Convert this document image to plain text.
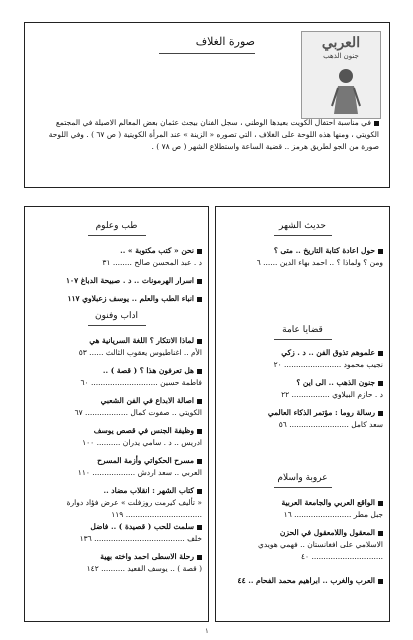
صورة الغلاف	العربي
جنون الذهب
في مناسبة احتفال الكويت بعيدها الوطني ، سجل الفنان بيجث عثمان بعض المعالم الاصيلة في المجتمع الكويتي ، ومنها هذه اللوحة على الغلاف ، التي تصوره « الزينة » عند المرأة الكويتية ( ص ٦٧ ) . وفي اللوحة صورة من الجو لطريق هرمز .. قضية الساعة واستطلاع الشهر ( ص ٧٨ ) .
طب وعلوم
نحن « كتب مكتوبة » ..
د . عبد المحسن صالح ........ ٣١
اسرار الهرمونات .. د . صبيحة الدباغ ١٠٧
انباء الطب والعلم .. يوسف زعبلاوي ١١٧
اداب وفنون
لماذا الانتكار ؟ اللغة السريانية هي
الأم .. اغناطيوس يعقوب الثالث ...... ٥٣
هل تعرفون هذا ؟ ( قصة ) ..
فاطمة حسين ............................ ٦٠
اصالة الابداع في الفن الشعبي
الكويتي .. صفوت كمال .................. ٦٧
وظيفة الجنس في قصص يوسف
ادريس .. د . سامي يدران .......... ١٠٠
مسرح الحكواتي وأزمة المسرح
العربي .. سعد اردش .................. ١١٠
كتاب الشهر : انقلاب مضاد ..
« تأليف كيرمت روزفلت » عرض فؤاد دوارة ................................ ١١٩
سلمت للحب ( قصيدة ) .. فاضل
خلف ...................................... ١٣٦
رحلة الاسطى احمد واخته بهية
( قصة ) .. يوسف القعيد .......... ١٤٢
حديث الشهر
حول اعادة كتابة التاريخ .. متى ؟
ومن ؟ ولماذا ؟ .. احمد بهاء الدين ...... ٦
قضايا عامة
علموهم تذوق الفن .. د . زكي
نجيب محمود ........................ ٢٠
جنون الذهب .. الى اين ؟
د . حازم البيلاوي ................ ٢٢
رسالة روما : مؤتمر الذكاء العالمي
سعد كامل ......................... ٥٦
عروبة واسلام
الواقع العربي والجامعة العربية
جبل مطر ........................ ١٦
المعقول واللامعقول في الحزن
الاسلامي على افغانستان .. فهمي هويدي .............................. ٤٠
العرب والغرب .. ابراهيم محمد الفحام .. ٤٤
١
